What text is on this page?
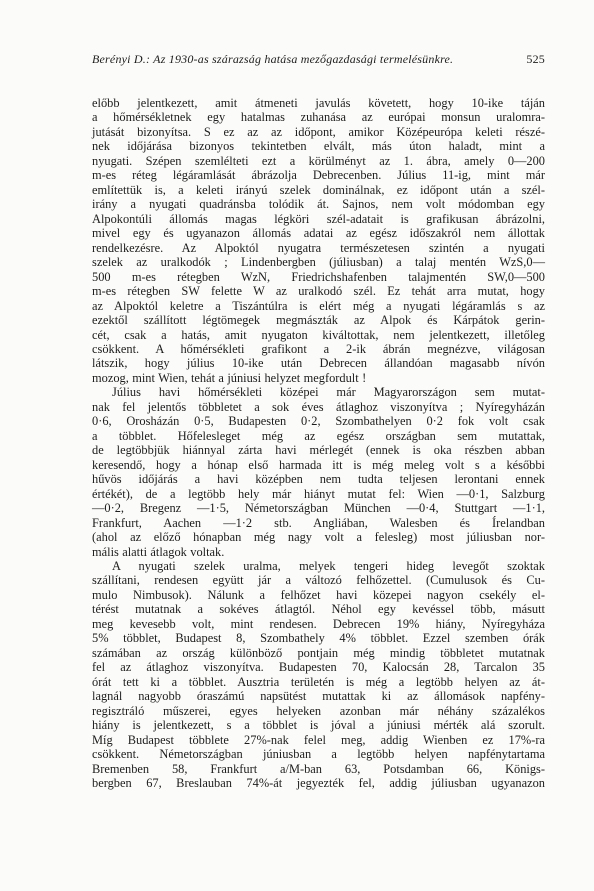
Berényi D.: Az 1930-as szárazság hatása mezőgazdasági termelésünkre.	525
előbb jelentkezett, amit átmeneti javulás követett, hogy 10-ike táján
a hőmérsékletnek egy hatalmas zuhanása az európai monsun uralomra-
jutását bizonyítsa. S ez az az időpont, amikor Középeurópa keleti részé-
nek időjárása bizonyos tekintetben elvált, más úton haladt, mint a
nyugati. Szépen szemlélteti ezt a körülményt az 1. ábra, amely 0—200
m-es réteg légáramlását ábrázolja Debrecenben. Július 11-ig, mint már
említettük is, a keleti irányú szelek dominálnak, ez időpont után a szél-
irány a nyugati quadránsba tolódik át. Sajnos, nem volt módomban egy
Alpokontúli állomás magas légköri szél-adatait is grafikusan ábrázolni,
mivel egy és ugyanazon állomás adatai az egész időszakról nem állottak
rendelkezésre. Az Alpoktól nyugatra természetesen szintén a nyugati
szelek az uralkodók ; Lindenbergben (júliusban) a talaj mentén WzS,0—
500 m-es rétegben WzN, Friedrichshafenben talajmentén SW,0—500
m-es rétegben SW felette W az uralkodó szél. Ez tehát arra mutat, hogy
az Alpoktól keletre a Tiszántúlra is elért még a nyugati légáramlás s az
ezektől szállított légtömegek megmászták az Alpok és Kárpátok gerin-
cét, csak a hatás, amit nyugaton kiváltottak, nem jelentkezett, illetőleg
csökkent. A hőmérsékleti grafikont a 2-ik ábrán megnézve, világosan
látszik, hogy július 10-ike után Debrecen állandóan magasabb nívón
mozog, mint Wien, tehát a júniusi helyzet megfordult !
Július havi hőmérsékleti középei már Magyarországon sem mutat-
nak fel jelentős többletet a sok éves átlaghoz viszonyítva ; Nyíregyházán
0·6, Orosházán 0·5, Budapesten 0·2, Szombathelyen 0·2 fok volt csak
a többlet. Hőfelesleget még az egész országban sem mutattak,
de legtöbbjük hiánnyal zárta havi mérlegét (ennek is oka részben abban
keresendő, hogy a hónap első harmada itt is még meleg volt s a későbbi
hűvös időjárás a havi középben nem tudta teljesen lerontani ennek
értékét), de a legtöbb hely már hiányt mutat fel: Wien —0·1, Salzburg
—0·2, Bregenz —1·5, Németországban München —0·4, Stuttgart —1·1,
Frankfurt, Aachen —1·2 stb. Angliában, Walesben és Írelandban
(ahol az előző hónapban még nagy volt a felesleg) most júliusban nor-
mális alatti átlagok voltak.
A nyugati szelek uralma, melyek tengeri hideg levegőt szoktak
szállítani, rendesen együtt jár a változó felhőzettel. (Cumulusok és Cu-
mulo Nimbusok). Nálunk a felhőzet havi közepei nagyon csekély el-
térést mutatnak a sokéves átlagtól. Néhol egy kevéssel több, másutt
meg kevesebb volt, mint rendesen. Debrecen 19% hiány, Nyíregyháza
5% többlet, Budapest 8, Szombathely 4% többlet. Ezzel szemben órák
számában az ország különböző pontjain még mindig többletet mutatnak
fel az átlaghoz viszonyítva. Budapesten 70, Kalocsán 28, Tarcalon 35
órát tett ki a többlet. Ausztria területén is még a legtöbb helyen az át-
lagnál nagyobb óraszámú napsütést mutattak ki az állomások napfény-
regisztráló műszerei, egyes helyeken azonban már néhány százalékos
hiány is jelentkezett, s a többlet is jóval a júniusi mérték alá szorult.
Míg Budapest többlete 27%-nak felel meg, addig Wienben ez 17%-ra
csökkent. Németországban júniusban a legtöbb helyen napfénytartama
Bremenben 58, Frankfurt a/M-ban 63, Potsdamban 66, Königs-
bergben 67, Breslauban 74%-át jegyezték fel, addig júliusban ugyanazon
